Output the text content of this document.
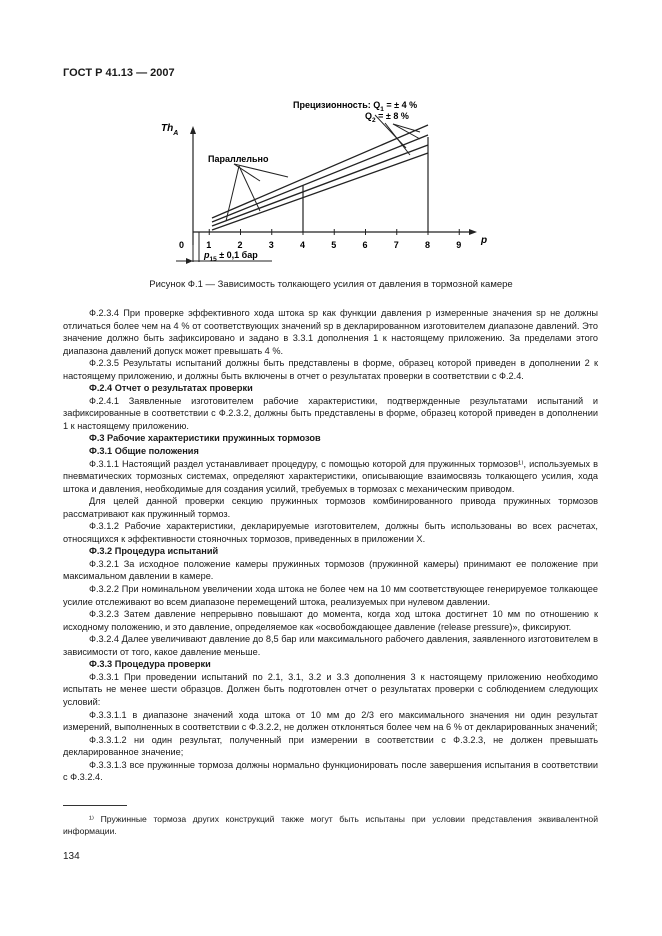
ГОСТ Р 41.13 — 2007
$Th_A$
p
0 1	2	3	4	5	6	7	8	9
Параллельно
Прецизионность: $Q_1$ = ± 4 %
$Q_2$ = ± 8 %
$p_{15} \pm 0,1$ бар
Рисунок Ф.1 — Зависимость толкающего усилия от давления в тормозной камере

Ф.2.3.4 При проверке эффективного хода штока sp как функции давления p измеренные значения sp не должны отличаться более чем на 4 % от соответствующих значений sp в декларированном изготовителем диапазоне давлений. Это значение должно быть зафиксировано и задано в 3.3.1 дополнения 1 к настоящему приложению. За пределами этого диапазона давлений допуск может превышать 4 %.

Ф.2.3.5 Результаты испытаний должны быть представлены в форме, образец которой приведен в дополнении 2 к настоящему приложению, и должны быть включены в отчет о результатах проверки в соответствии с Ф.2.4.

Ф.2.4 Отчет о результатах проверки

Ф.2.4.1 Заявленные изготовителем рабочие характеристики, подтвержденные результатами испытаний и зафиксированные в соответствии с Ф.2.3.2, должны быть представлены в форме, образец которой приведен в дополнении 1 к настоящему приложению.

Ф.3 Рабочие характеристики пружинных тормозов

Ф.3.1 Общие положения

Ф.3.1.1 Настоящий раздел устанавливает процедуру, с помощью которой для пружинных тормозов¹⁾, используемых в пневматических тормозных системах, определяют характеристики, описывающие взаимосвязь толкающего усилия, хода штока и давления, необходимые для создания усилий, требуемых в тормозах с механическим приводом.

Для целей данной проверки секцию пружинных тормозов комбинированного привода пружинных тормозов рассматривают как пружинный тормоз.

Ф.3.1.2 Рабочие характеристики, декларируемые изготовителем, должны быть использованы во всех расчетах, относящихся к эффективности стояночных тормозов, приведенных в приложении Х.

Ф.3.2 Процедура испытаний

Ф.3.2.1 За исходное положение камеры пружинных тормозов (пружинной камеры) принимают ее положение при максимальном давлении в камере.

Ф.3.2.2 При номинальном увеличении хода штока не более чем на 10 мм соответствующее генерируемое толкающее усилие отслеживают во всем диапазоне перемещений штока, реализуемых при нулевом давлении.

Ф.3.2.3 Затем давление непрерывно повышают до момента, когда ход штока достигнет 10 мм по отношению к исходному положению, и это давление, определяемое как «освобождающее давление (release pressure)», фиксируют.

Ф.3.2.4 Далее увеличивают давление до 8,5 бар или максимального рабочего давления, заявленного изготовителем в зависимости от того, какое давление меньше.

Ф.3.3 Процедура проверки

Ф.3.3.1 При проведении испытаний по 2.1, 3.1, 3.2 и 3.3 дополнения 3 к настоящему приложению необходимо испытать не менее шести образцов. Должен быть подготовлен отчет о результатах проверки с соблюдением следующих условий:

Ф.3.3.1.1 в диапазоне значений хода штока от 10 мм до 2/3 его максимального значения ни один результат измерений, выполненных в соответствии с Ф.3.2.2, не должен отклоняться более чем на 6 % от декларированных значений;

Ф.3.3.1.2 ни один результат, полученный при измерении в соответствии с Ф.3.2.3, не должен превышать декларированное значение;

Ф.3.3.1.3 все пружинные тормоза должны нормально функционировать после завершения испытания в соответствии с Ф.3.2.4.

¹⁾ Пружинные тормоза других конструкций также могут быть испытаны при условии представления эквивалентной информации.
134
